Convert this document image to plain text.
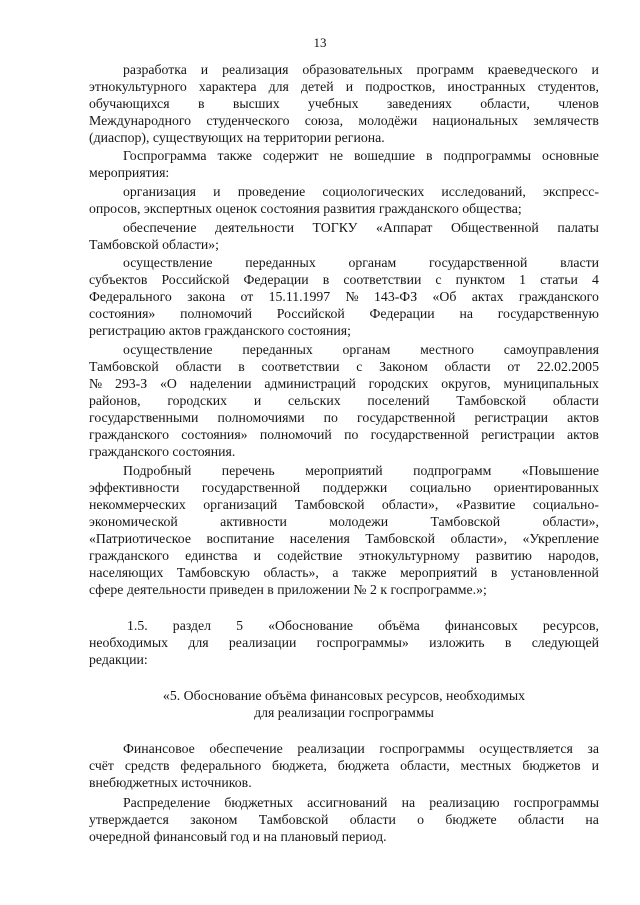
13
разработка и реализация образовательных программ краеведческого и
этнокультурного характера для детей и подростков, иностранных студентов,
обучающихся в высших учебных заведениях области, членов
Международного студенческого союза, молодёжи национальных землячеств
(диаспор), существующих на территории региона.
Госпрограмма также содержит не вошедшие в подпрограммы основные
мероприятия:
организация и проведение социологических исследований, экспресс-
опросов, экспертных оценок состояния развития гражданского общества;
обеспечение деятельности ТОГКУ «Аппарат Общественной палаты
Тамбовской области»;
осуществление переданных органам государственной власти
субъектов Российской Федерации в соответствии с пунктом 1 статьи 4
Федерального закона от 15.11.1997 № 143-ФЗ «Об актах гражданского
состояния» полномочий Российской Федерации на государственную
регистрацию актов гражданского состояния;
осуществление переданных органам местного самоуправления
Тамбовской области в соответствии с Законом области от 22.02.2005
№ 293-З «О наделении администраций городских округов, муниципальных
районов, городских и сельских поселений Тамбовской области
государственными полномочиями по государственной регистрации актов
гражданского состояния» полномочий по государственной регистрации актов
гражданского состояния.
Подробный перечень мероприятий подпрограмм «Повышение
эффективности государственной поддержки социально ориентированных
некоммерческих организаций Тамбовской области», «Развитие социально-
экономической	активности	молодежи	Тамбовской	области»,
«Патриотическое воспитание населения Тамбовской области», «Укрепление
гражданского единства и содействие этнокультурному развитию народов,
населяющих Тамбовскую область», а также мероприятий в установленной
сфере деятельности приведен в приложении № 2 к госпрограмме.»;
1.5. раздел 5 «Обоснование объёма финансовых ресурсов,
необходимых для реализации госпрограммы» изложить в следующей
редакции:
«5. Обоснование объёма финансовых ресурсов, необходимых
для реализации госпрограммы
Финансовое обеспечение реализации госпрограммы осуществляется за
счёт средств федерального бюджета, бюджета области, местных бюджетов и
внебюджетных источников.
Распределение бюджетных ассигнований на реализацию госпрограммы
утверждается законом Тамбовской области о бюджете области на
очередной финансовый год и на плановый период.
